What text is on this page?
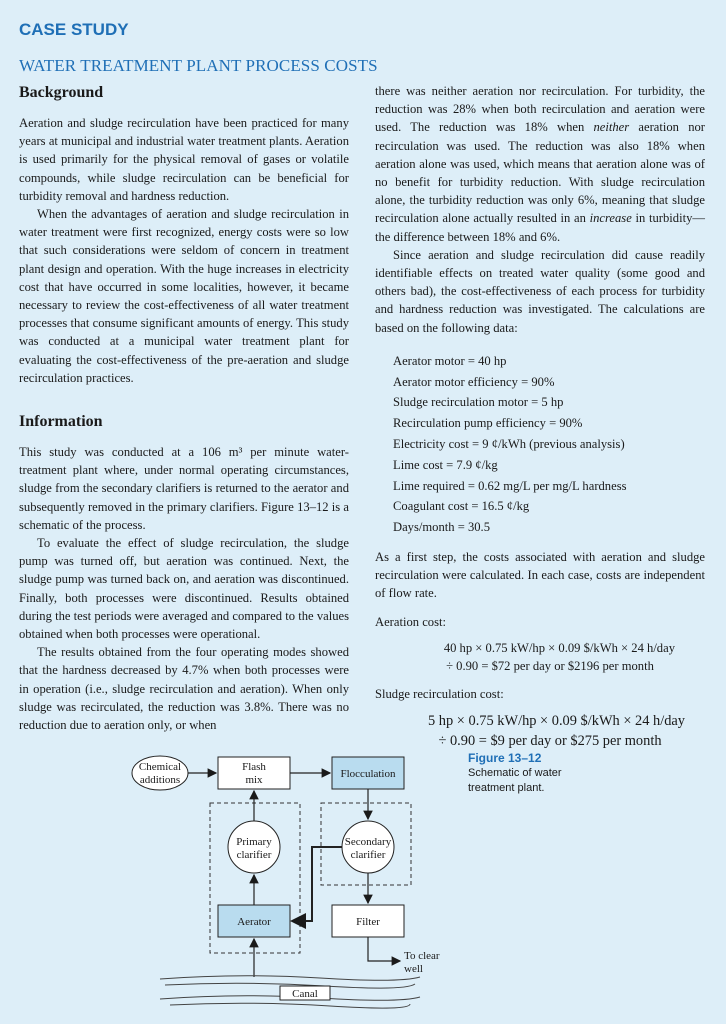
CASE STUDY
WATER TREATMENT PLANT PROCESS COSTS
Background

Aeration and sludge recirculation have been practiced for many years at municipal and industrial water treatment plants. Aeration is used primarily for the physical removal of gases or volatile compounds, while sludge recirculation can be beneficial for turbidity removal and hardness reduction.

When the advantages of aeration and sludge recirculation in water treatment were first recognized, energy costs were so low that such considerations were seldom of concern in treatment plant design and operation. With the huge increases in electricity cost that have occurred in some localities, however, it became necessary to review the cost-effectiveness of all water treatment processes that consume significant amounts of energy. This study was conducted at a municipal water treatment plant for evaluating the cost-effectiveness of the pre-aeration and sludge recirculation practices.

Information

This study was conducted at a 106 m³ per minute water-treatment plant where, under normal operating circumstances, sludge from the secondary clarifiers is returned to the aerator and subsequently removed in the primary clarifiers. Figure 13–12 is a schematic of the process.

To evaluate the effect of sludge recirculation, the sludge pump was turned off, but aeration was continued. Next, the sludge pump was turned back on, and aeration was discontinued. Finally, both processes were discontinued. Results obtained during the test periods were averaged and compared to the values obtained when both processes were operational.

The results obtained from the four operating modes showed that the hardness decreased by 4.7% when both processes were in operation (i.e., sludge recirculation and aeration). When only sludge was recirculated, the reduction was 3.8%. There was no reduction due to aeration only, or when

there was neither aeration nor recirculation. For turbidity, the reduction was 28% when both recirculation and aeration were used. The reduction was 18% when neither aeration nor recirculation was used. The reduction was also 18% when aeration alone was used, which means that aeration alone was of no benefit for turbidity reduction. With sludge recirculation alone, the turbidity reduction was only 6%, meaning that sludge recirculation alone actually resulted in an increase in turbidity—the difference between 18% and 6%.

Since aeration and sludge recirculation did cause readily identifiable effects on treated water quality (some good and others bad), the cost-effectiveness of each process for turbidity and hardness reduction was investigated. The calculations are based on the following data:

Aerator motor = 40 hp
Aerator motor efficiency = 90%
Sludge recirculation motor = 5 hp
Recirculation pump efficiency = 90%
Electricity cost = 9 ¢/kWh (previous analysis)
Lime cost = 7.9 ¢/kg
Lime required = 0.62 mg/L per mg/L hardness
Coagulant cost = 16.5 ¢/kg
Days/month = 30.5

As a first step, the costs associated with aeration and sludge recirculation were calculated. In each case, costs are independent of flow rate.

Aeration cost:
40 hp × 0.75 kW/hp × 0.09 $/kWh × 24 h/day
÷ 0.90 = $72 per day or $2196 per month
Sludge recirculation cost:
5 hp × 0.75 kW/hp × 0.09 $/kWh × 24 h/day
÷ 0.90 = $9 per day or $275 per month
Chemical
additions
Flash
mix	Flocculation
Primary
clarifier
Secondary
clarifier
Aerator	Filter
To clear
well
Canal
Figure 13–12
Schematic of water treatment plant.
